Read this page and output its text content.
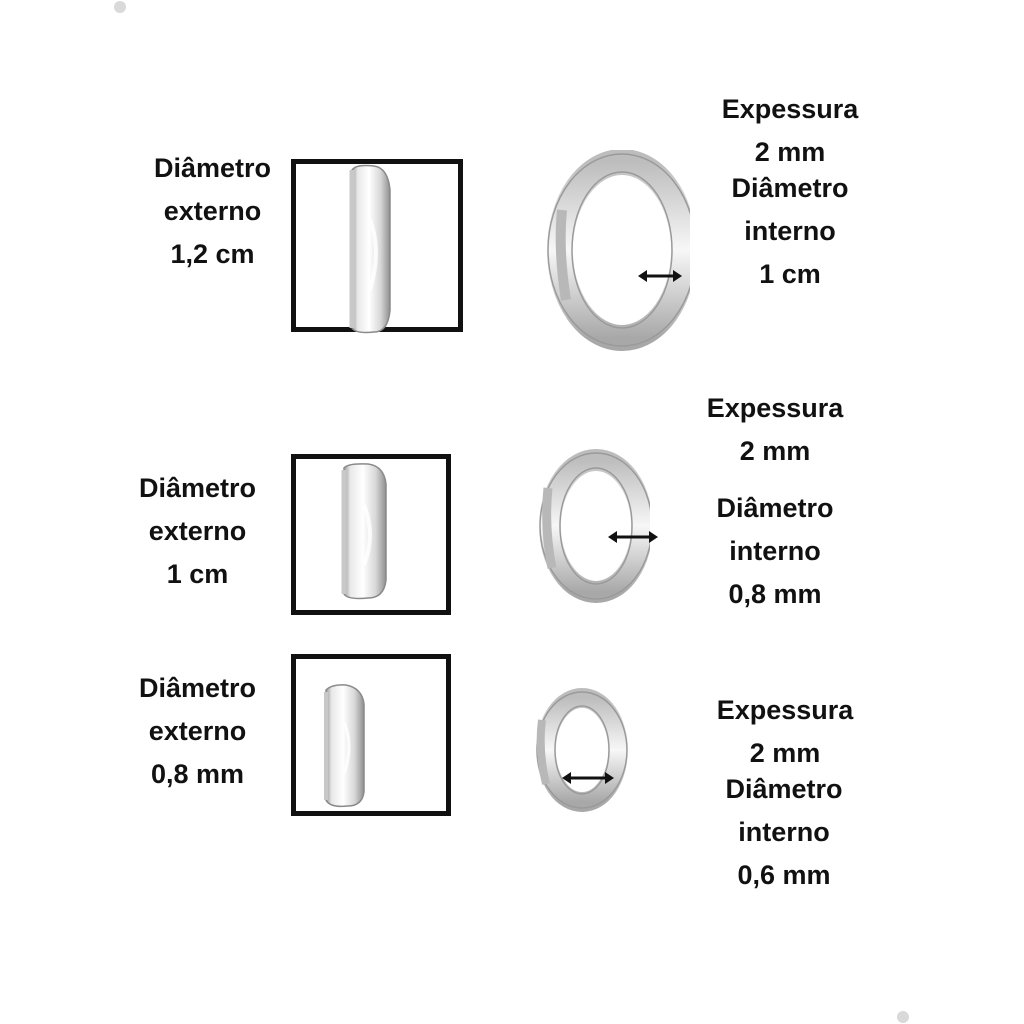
Diâmetro
externo
1,2 cm
Expessura
2 mm
Diâmetro
interno
1 cm
Diâmetro
externo
1 cm
Expessura
2 mm
Diâmetro
interno
0,8 mm
Diâmetro
externo
0,8 mm
Expessura
2 mm
Diâmetro
interno
0,6 mm
